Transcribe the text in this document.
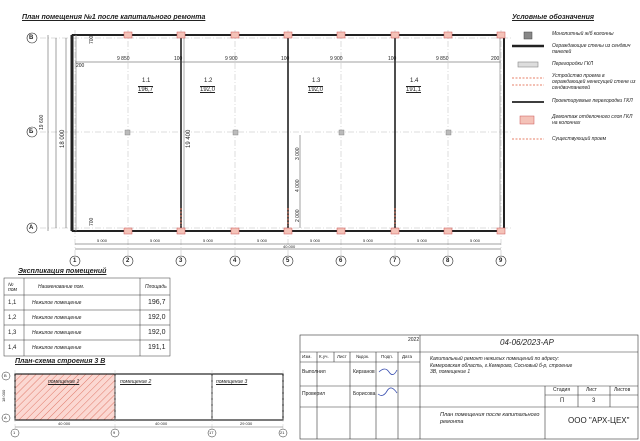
План помещения №1 после капитального ремонта	Условные обозначения
Монолитный ж/б колонны
Ограждающие стены из сендвич панелей
Перегородки ГКЛ
Устройство проема в ограждающей ненесущей стене из сендвичпанелей
Проектируемые перегородки ГКЛ
Демонтаж отделочного слоя ГКЛ на колоннах
Существующий проем
В
Б
А
1	2	3	4	5	6	7	8	9
1.1
196,7
1.2
192,0
1.3
192,0
1.4
191,1
9 850	100	9 900	100	9 900	100	9 850	200
200
19 600
18 000	19 400
700
700	2 000
3 000
4 000
5 000	5 000	5 000	5 000	5 000	5 000	5 000	5 000
40 000
Экспликация помещений
№ пом	Наименование пом.	Площадь
1,1	Нежилое помещение	196,7
1,2	Нежилое помещение	192,0
1,3	Нежилое помещение	192,0
1,4	Нежилое помещение	191,1
План-схема строения 3 В
помещение 1	помещение 2	помещение 3
40 000	40 000	29 030
1	9	17	21
В
А
18 000
2022	04-06/2023-АР
Изм. К.уч. Лист №док.	Подп. Дата
Выполнил	Кирзанов
Проверил	Борисова
Капитальный ремонт нежилых помещений по адресу: Кемеровская область, г.Кемерово, Сосновый б-р, строение 3В, помещение 1
План помещения после капитального ремонта
Стадия	Лист	Листов
П	3
ООО "АРХ-ЦЕХ"
